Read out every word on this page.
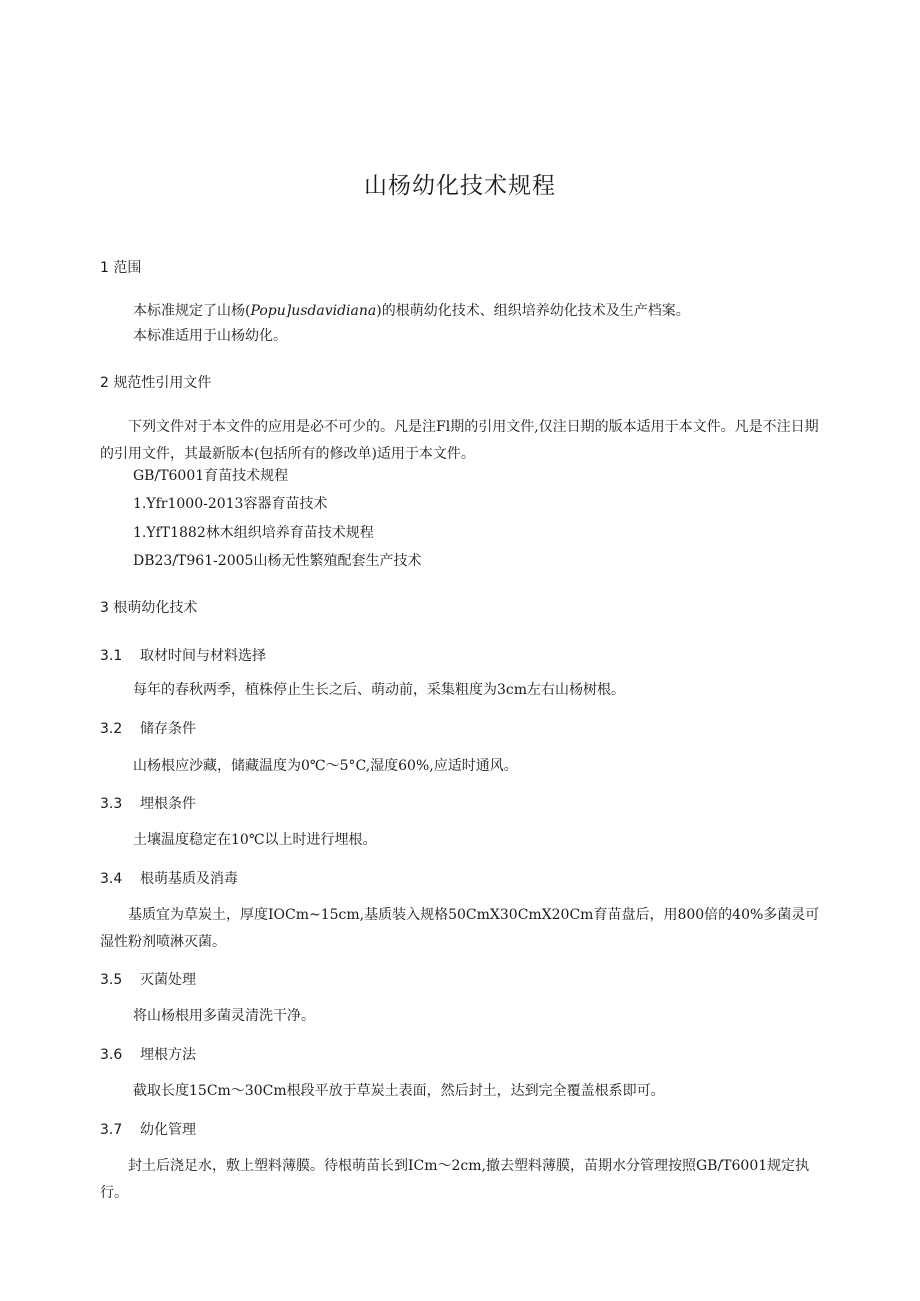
山杨幼化技术规程
1 范围
本标准规定了山杨(Popu]usdavidiana)的根萌幼化技术、组织培养幼化技术及生产档案。
本标准适用于山杨幼化。
2 规范性引用文件
下列文件对于本文件的应用是必不可少的。凡是注Fl期的引用文件,仅注日期的版本适用于本文件。凡是不注日期的引用文件，其最新版本(包括所有的修改单)适用于本文件。
GB/T6001育苗技术规程
1.Yfr1000-2013容器育苗技术
1.YfT1882林木组织培养育苗技术规程
DB23/T961-2005山杨无性繁殖配套生产技术
3 根萌幼化技术
3.1 取材时间与材料选择
每年的春秋两季，植株停止生长之后、萌动前，采集粗度为3cm左右山杨树根。
3.2 储存条件
山杨根应沙藏，储藏温度为0℃～5°C,湿度60%,应适时通风。
3.3 埋根条件
土壤温度稳定在10℃以上时进行埋根。
3.4 根萌基质及消毒
基质宜为草炭土，厚度IOCm~15cm,基质装入规格50CmX30CmX20Cm育苗盘后，用800倍的40%多菌灵可湿性粉剂喷淋灭菌。
3.5 灭菌处理
将山杨根用多菌灵清洗干净。
3.6 埋根方法
截取长度15Cm～30Cm根段平放于草炭土表面，然后封土，达到完全覆盖根系即可。
3.7 幼化管理
封土后浇足水，敷上塑料薄膜。待根萌苗长到ICm～2cm,撤去塑料薄膜，苗期水分管理按照GB/T6001规定执行。
